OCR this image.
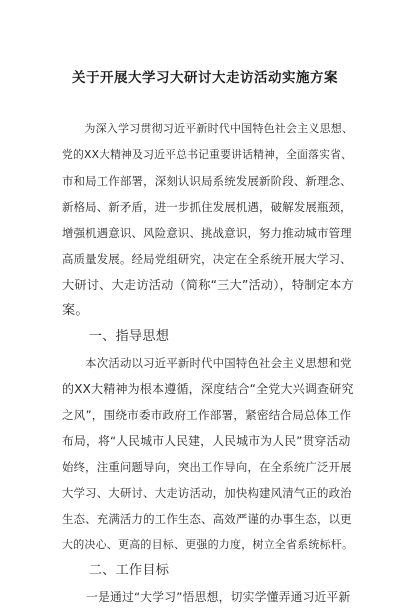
关于开展大学习大研讨大走访活动实施方案
　　为深入学习贯彻习近平新时代中国特色社会主义思想、
党的XX大精神及习近平总书记重要讲话精神，全面落实省、
市和局工作部署，深刻认识局系统发展新阶段、新理念、
新格局、新矛盾，进一步抓住发展机遇，破解发展瓶颈，
增强机遇意识、风险意识、挑战意识，努力推动城市管理
高质量发展。经局党组研究，决定在全系统开展大学习、
大研讨、大走访活动（简称“三大”活动），特制定本方
案。
　　一、指导思想
　　本次活动以习近平新时代中国特色社会主义思想和党
的XX大精神为根本遵循，深度结合“全党大兴调查研究
之风”，围绕市委市政府工作部署，紧密结合局总体工作
布局，将“人民城市人民建，人民城市为人民”贯穿活动
始终，注重问题导向，突出工作导向，在全系统广泛开展
大学习、大研讨、大走访活动，加快构建风清气正的政治
生态、充满活力的工作生态、高效严谨的办事生态，以更
大的决心、更高的目标、更强的力度，树立全省系统标杆。
　　二、工作目标
　　一是通过“大学习”悟思想，切实学懂弄通习近平新
